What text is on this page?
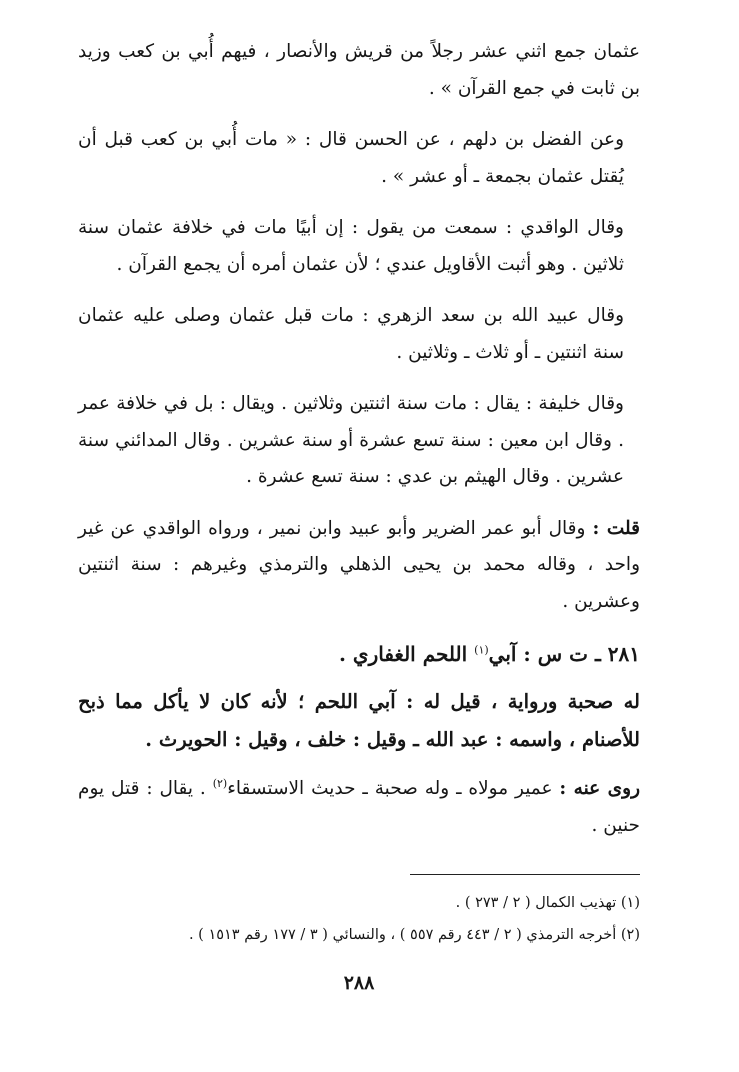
عثمان جمع اثني عشر رجلاً من قريش والأنصار ، فيهم أُبي بن كعب وزيد بن ثابت في جمع القرآن » .

وعن الفضل بن دلهم ، عن الحسن قال : « مات أُبي بن كعب قبل أن يُقتل عثمان بجمعة ـ أو عشر » .

وقال الواقدي : سمعت من يقول : إن أبيًا مات في خلافة عثمان سنة ثلاثين . وهو أثبت الأقاويل عندي ؛ لأن عثمان أمره أن يجمع القرآن .

وقال عبيد الله بن سعد الزهري : مات قبل عثمان وصلى عليه عثمان سنة اثنتين ـ أو ثلاث ـ وثلاثين .

وقال خليفة : يقال : مات سنة اثنتين وثلاثين . ويقال : بل في خلافة عمر . وقال ابن معين : سنة تسع عشرة أو سنة عشرين . وقال المدائني سنة عشرين . وقال الهيثم بن عدي : سنة تسع عشرة .

قلت : وقال أبو عمر الضرير وأبو عبيد وابن نمير ، ورواه الواقدي عن غير واحد ، وقاله محمد بن يحيى الذهلي والترمذي وغيرهم : سنة اثنتين وعشرين .

٢٨١ ـ ت س : آبي$^{(١)}$ اللحم الغفاري .

له صحبة ورواية ، قيل له : آبي اللحم ؛ لأنه كان لا يأكل مما ذبح للأصنام ، واسمه : عبد الله ـ وقيل : خلف ، وقيل : الحويرث .

روى عنه : عمير مولاه ـ وله صحبة ـ حديث الاستسقاء$^{(٢)}$ . يقال : قتل يوم حنين .

(١) تهذيب الكمال ( ٢ / ٢٧٣ ) .
(٢) أخرجه الترمذي ( ٢ / ٤٤٣ رقم ٥٥٧ ) ، والنسائي ( ٣ / ١٧٧ رقم ١٥١٣ ) .
٢٨٨
